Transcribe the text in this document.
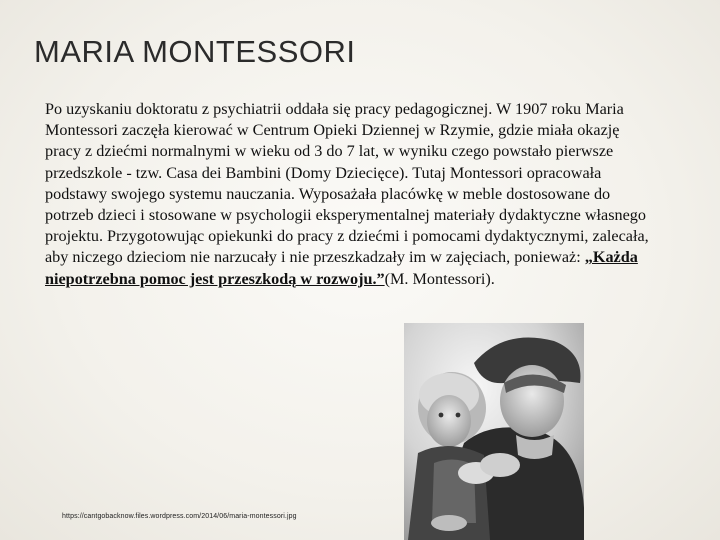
MARIA MONTESSORI

Po uzyskaniu doktoratu z psychiatrii oddała się pracy pedagogicznej. W 1907 roku Maria Montessori zaczęła kierować w Centrum Opieki Dziennej w Rzymie, gdzie miała okazję pracy z dziećmi normalnymi w wieku od 3 do 7 lat, w wyniku czego powstało pierwsze przedszkole - tzw. Casa dei Bambini (Domy Dziecięce). Tutaj Montessori opracowała podstawy swojego systemu nauczania. Wyposażała placówkę w meble dostosowane do potrzeb dzieci i stosowane w psychologii eksperymentalnej materiały dydaktyczne własnego projektu. Przygotowując opiekunki do pracy z dziećmi i pomocami dydaktycznymi, zalecała, aby niczego dzieciom nie narzucały i nie przeszkadzały im w zajęciach, ponieważ: „Każda niepotrzebna pomoc jest przeszkodą w rozwoju.”(M. Montessori).

https://cantgobacknow.files.wordpress.com/2014/06/maria-montessori.jpg
